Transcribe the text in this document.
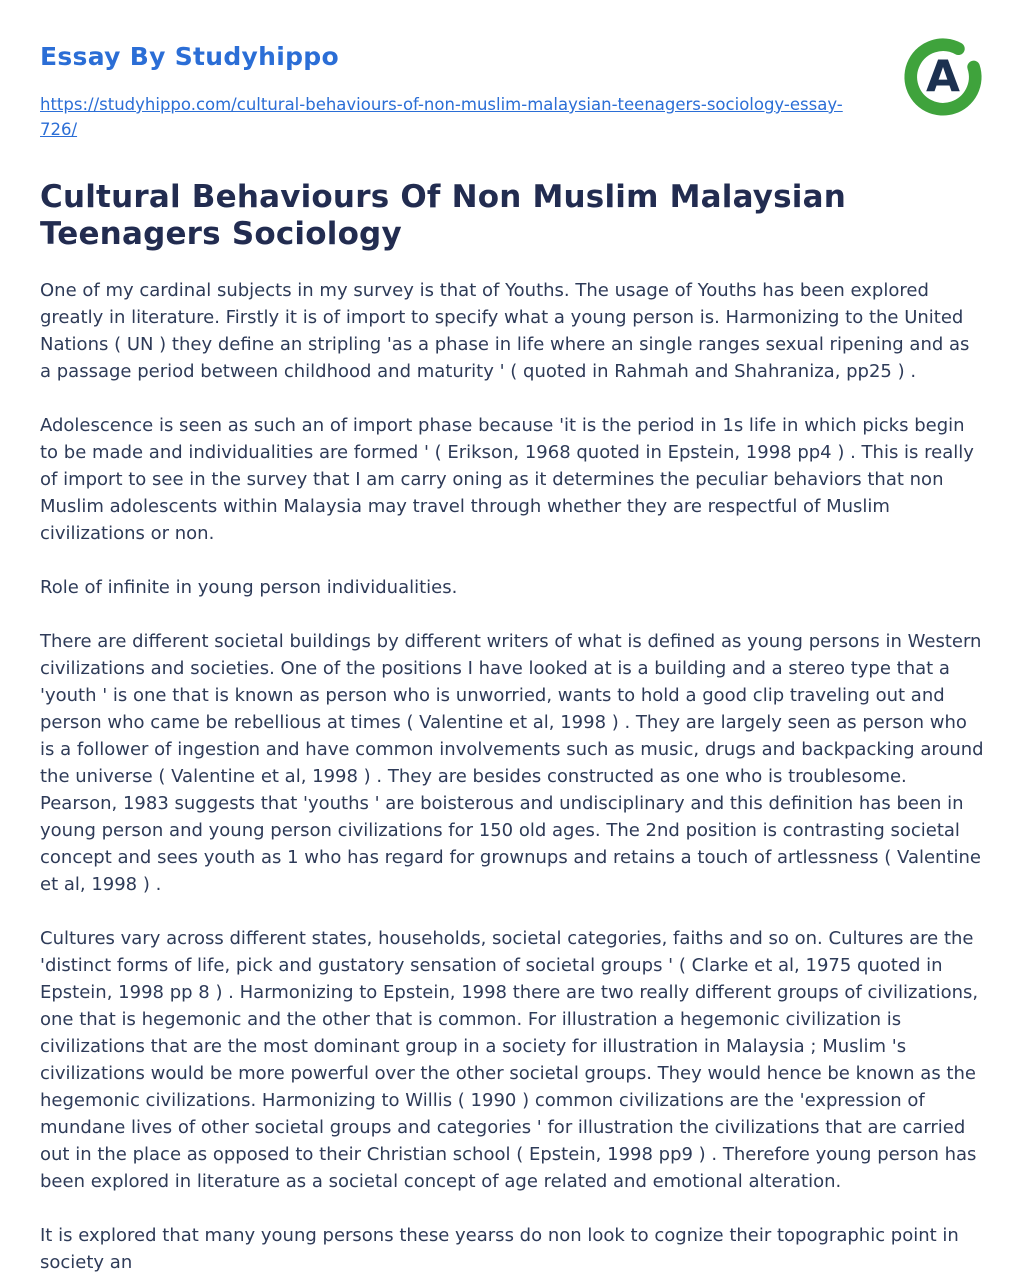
Essay By Studyhippo
https://studyhippo.com/cultural-behaviours-of-non-muslim-malaysian-teenagers-sociology-essay-726/
A
Cultural Behaviours Of Non Muslim Malaysian Teenagers Sociology

One of my cardinal subjects in my survey is that of Youths. The usage of Youths has been explored greatly in literature. Firstly it is of import to specify what a young person is. Harmonizing to the United Nations ( UN ) they define an stripling 'as a phase in life where an single ranges sexual ripening and as a passage period between childhood and maturity ' ( quoted in Rahmah and Shahraniza, pp25 ) .

Adolescence is seen as such an of import phase because 'it is the period in 1s life in which picks begin to be made and individualities are formed ' ( Erikson, 1968 quoted in Epstein, 1998 pp4 ) . This is really of import to see in the survey that I am carry oning as it determines the peculiar behaviors that non Muslim adolescents within Malaysia may travel through whether they are respectful of Muslim civilizations or non.

Role of infinite in young person individualities.

There are different societal buildings by different writers of what is defined as young persons in Western civilizations and societies. One of the positions I have looked at is a building and a stereo type that a 'youth ' is one that is known as person who is unworried, wants to hold a good clip traveling out and person who came be rebellious at times ( Valentine et al, 1998 ) . They are largely seen as person who is a follower of ingestion and have common involvements such as music, drugs and backpacking around the universe ( Valentine et al, 1998 ) . They are besides constructed as one who is troublesome. Pearson, 1983 suggests that 'youths ' are boisterous and undisciplinary and this definition has been in young person and young person civilizations for 150 old ages. The 2nd position is contrasting societal concept and sees youth as 1 who has regard for grownups and retains a touch of artlessness ( Valentine et al, 1998 ) .

Cultures vary across different states, households, societal categories, faiths and so on. Cultures are the 'distinct forms of life, pick and gustatory sensation of societal groups ' ( Clarke et al, 1975 quoted in Epstein, 1998 pp 8 ) . Harmonizing to Epstein, 1998 there are two really different groups of civilizations, one that is hegemonic and the other that is common. For illustration a hegemonic civilization is civilizations that are the most dominant group in a society for illustration in Malaysia ; Muslim 's civilizations would be more powerful over the other societal groups. They would hence be known as the hegemonic civilizations. Harmonizing to Willis ( 1990 ) common civilizations are the 'expression of mundane lives of other societal groups and categories ' for illustration the civilizations that are carried out in the place as opposed to their Christian school ( Epstein, 1998 pp9 ) . Therefore young person has been explored in literature as a societal concept of age related and emotional alteration.

It is explored that many young persons these yearss do non look to cognize their topographic point in society an
